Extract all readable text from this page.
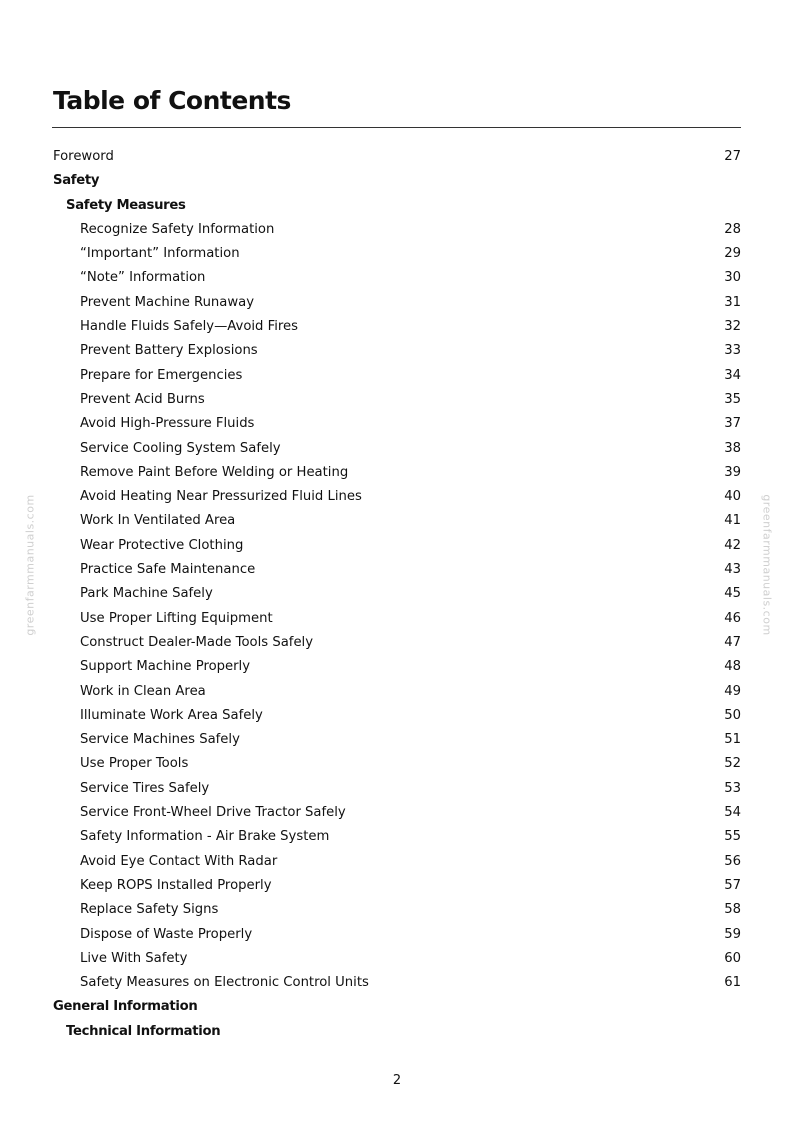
Table of Contents
Foreword	27
Safety
Safety Measures
Recognize Safety Information	28
“Important” Information	29
“Note” Information	30
Prevent Machine Runaway	31
Handle Fluids Safely—Avoid Fires	32
Prevent Battery Explosions	33
Prepare for Emergencies	34
Prevent Acid Burns	35
Avoid High-Pressure Fluids	37
Service Cooling System Safely	38
Remove Paint Before Welding or Heating	39
Avoid Heating Near Pressurized Fluid Lines	40
Work In Ventilated Area	41
Wear Protective Clothing	42
Practice Safe Maintenance	43
Park Machine Safely	45
Use Proper Lifting Equipment	46
Construct Dealer-Made Tools Safely	47
Support Machine Properly	48
Work in Clean Area	49
Illuminate Work Area Safely	50
Service Machines Safely	51
Use Proper Tools	52
Service Tires Safely	53
Service Front-Wheel Drive Tractor Safely	54
Safety Information - Air Brake System	55
Avoid Eye Contact With Radar	56
Keep ROPS Installed Properly	57
Replace Safety Signs	58
Dispose of Waste Properly	59
Live With Safety	60
Safety Measures on Electronic Control Units	61
General Information
Technical Information
greenfarmmanuals.com	greenfarmmanuals.com
2
